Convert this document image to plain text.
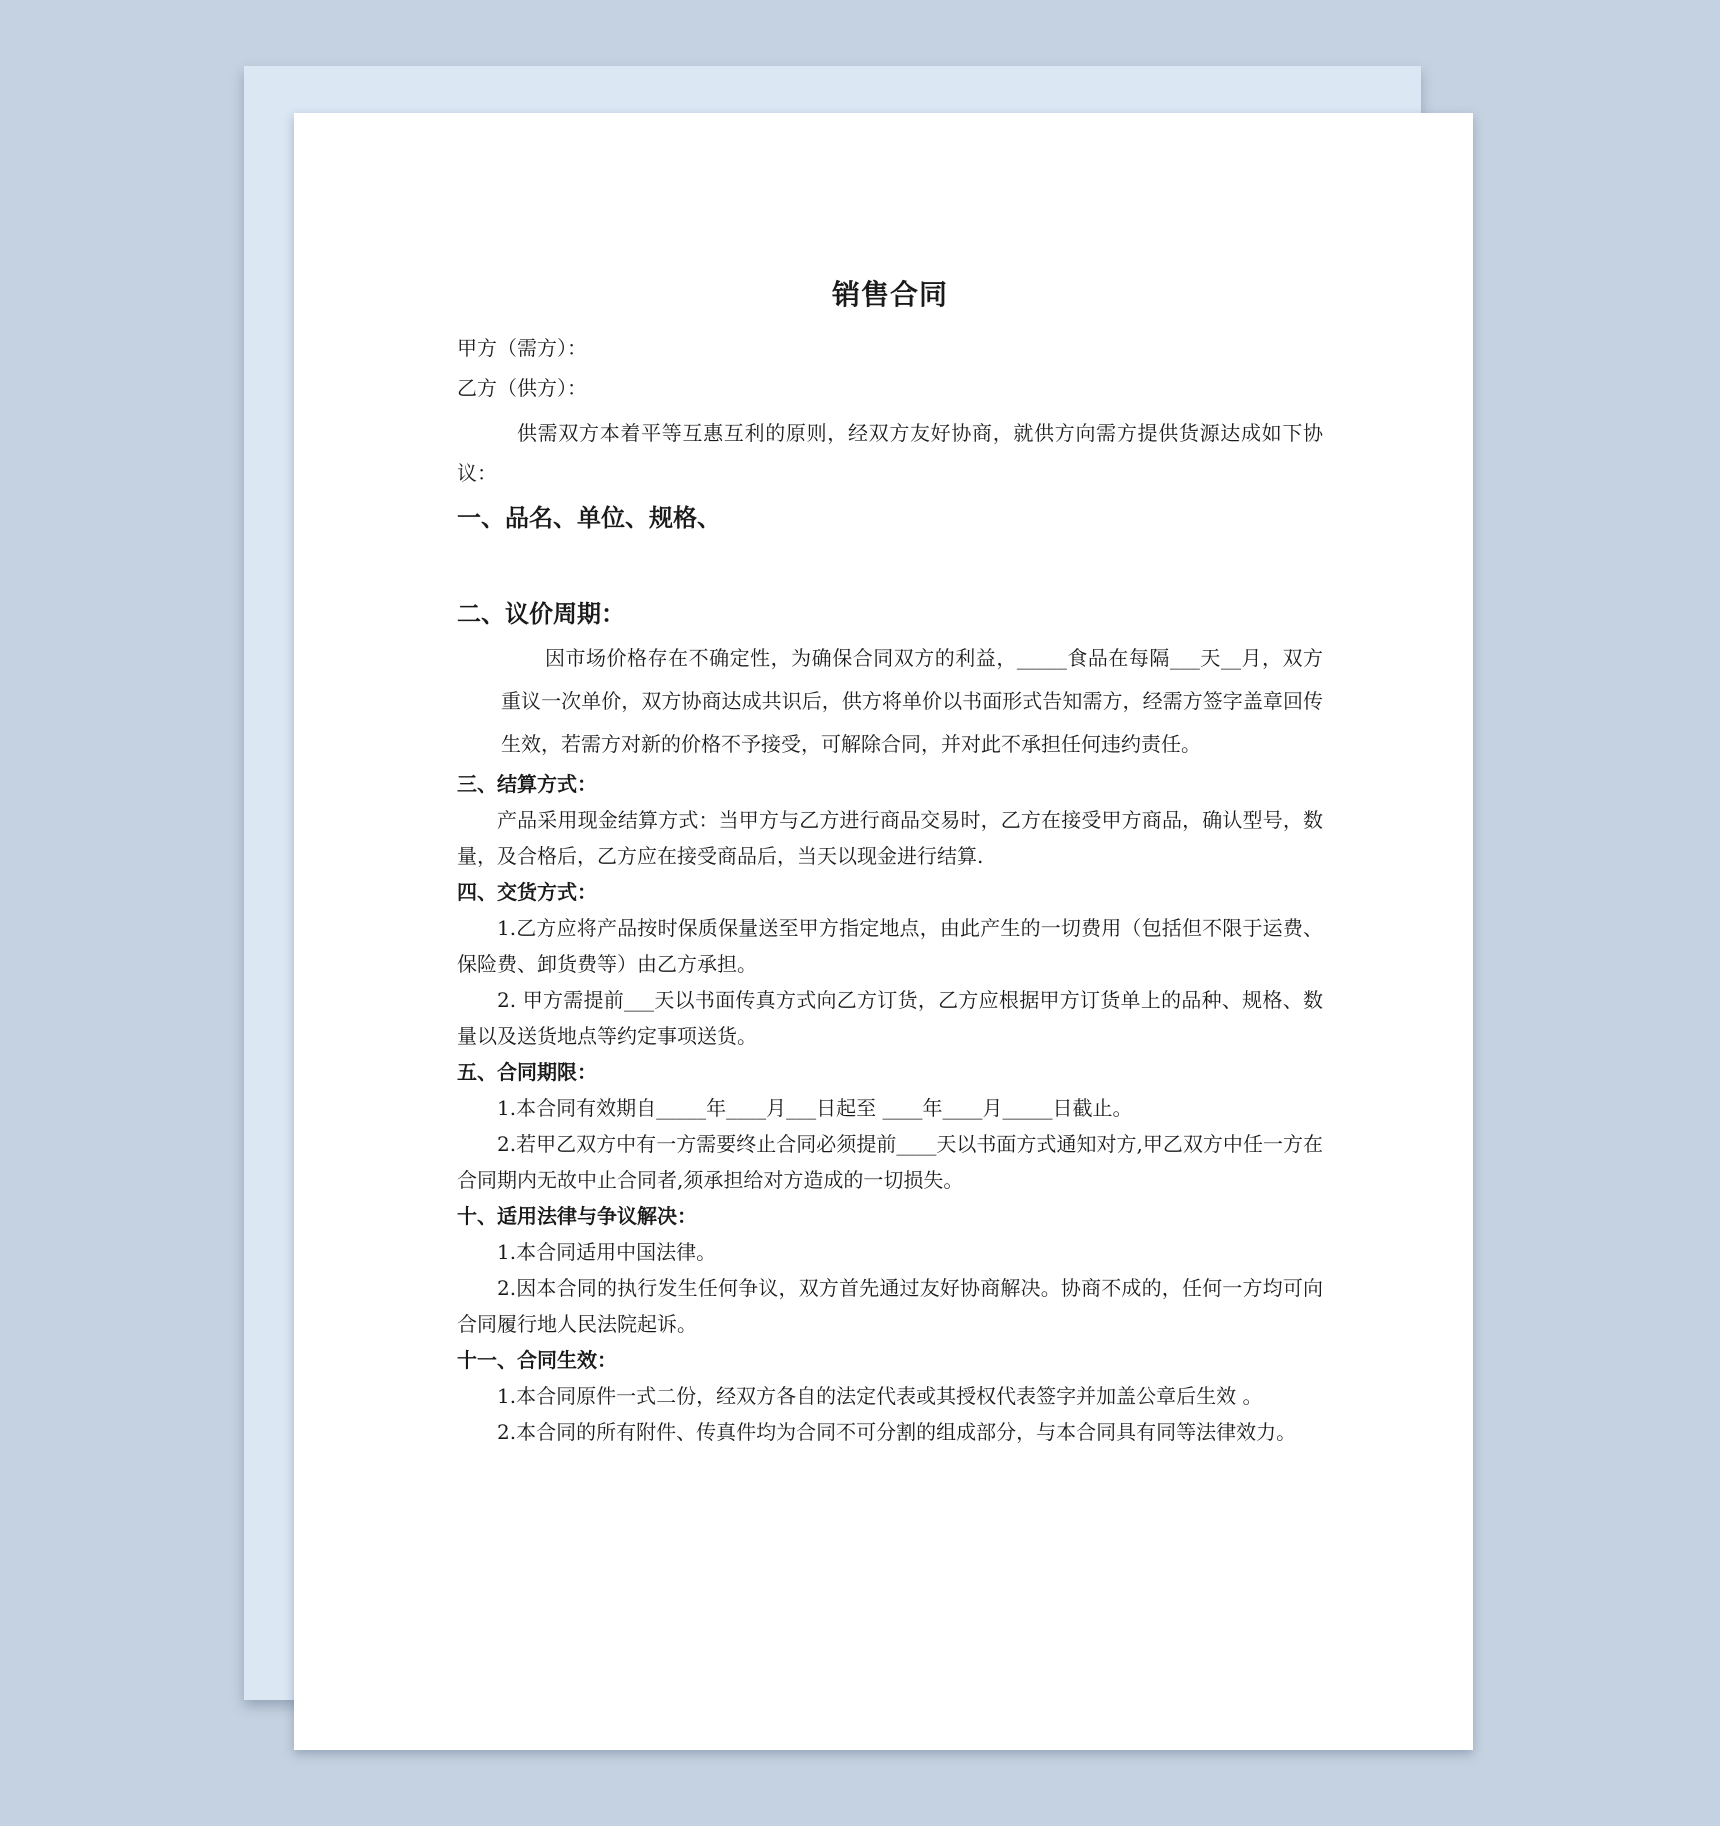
销售合同
甲方（需方）：
乙方（供方）：

供需双方本着平等互惠互利的原则，经双方友好协商，就供方向需方提供货源达成如下协议：

一、品名、单位、规格、
二、议价周期：

因市场价格存在不确定性，为确保合同双方的利益，_____食品在每隔___天__月，双方重议一次单价，双方协商达成共识后，供方将单价以书面形式告知需方，经需方签字盖章回传生效，若需方对新的价格不予接受，可解除合同，并对此不承担任何违约责任。

三、结算方式：

产品采用现金结算方式：当甲方与乙方进行商品交易时，乙方在接受甲方商品，确认型号，数量，及合格后，乙方应在接受商品后，当天以现金进行结算.

四、交货方式：

1.乙方应将产品按时保质保量送至甲方指定地点，由此产生的一切费用（包括但不限于运费、保险费、卸货费等）由乙方承担。

2. 甲方需提前___天以书面传真方式向乙方订货，乙方应根据甲方订货单上的品种、规格、数量以及送货地点等约定事项送货。

五、合同期限：

1.本合同有效期自_____年____月___日起至 ____年____月_____日截止。

2.若甲乙双方中有一方需要终止合同必须提前____天以书面方式通知对方,甲乙双方中任一方在合同期内无故中止合同者,须承担给对方造成的一切损失。

十、适用法律与争议解决：

1.本合同适用中国法律。

2.因本合同的执行发生任何争议，双方首先通过友好协商解决。协商不成的，任何一方均可向合同履行地人民法院起诉。

十一、合同生效：

1.本合同原件一式二份，经双方各自的法定代表或其授权代表签字并加盖公章后生效 。

2.本合同的所有附件、传真件均为合同不可分割的组成部分，与本合同具有同等法律效力。
